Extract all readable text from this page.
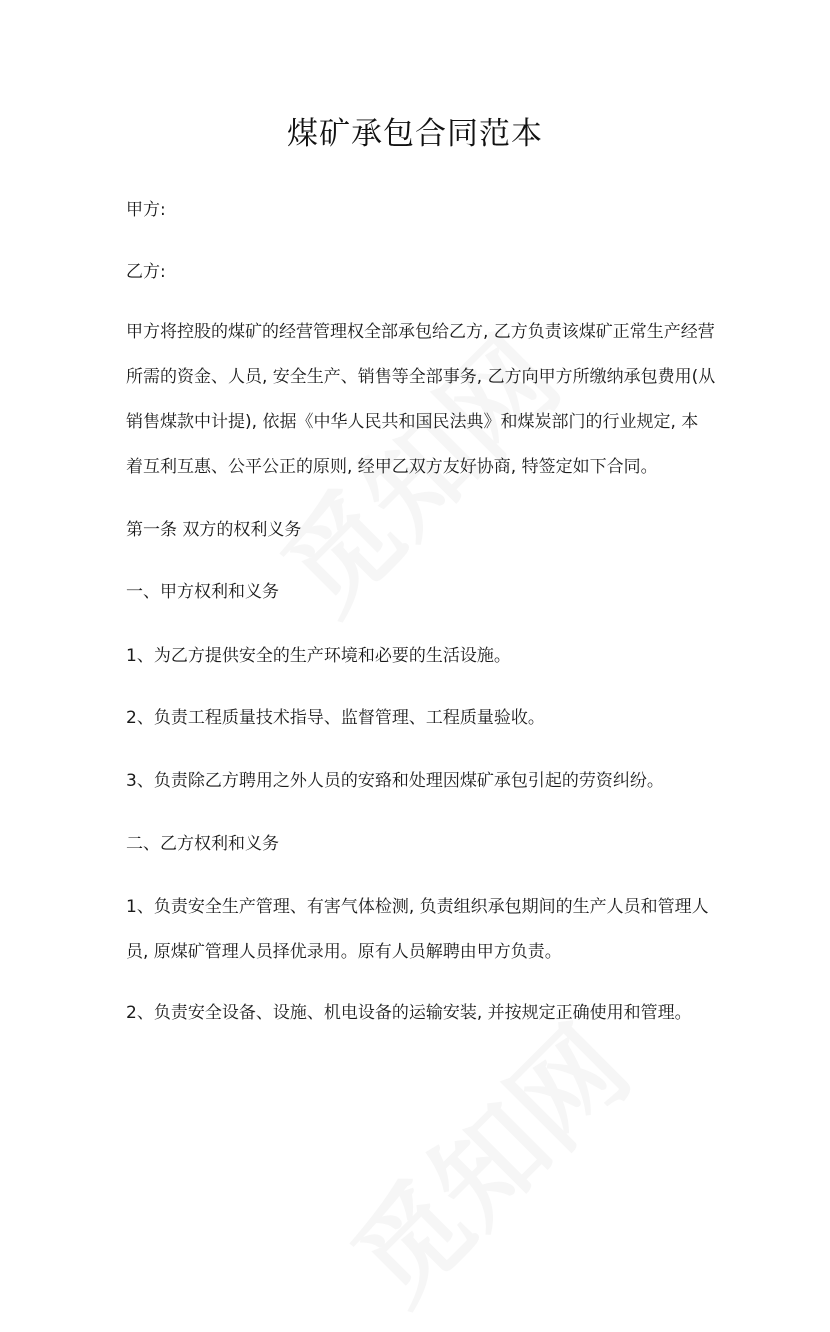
煤矿承包合同范本
甲方:
乙方:
甲方将控股的煤矿的经营管理权全部承包给乙方, 乙方负责该煤矿正常生产经营
所需的资金、人员, 安全生产、销售等全部事务, 乙方向甲方所缴纳承包费用(从
销售煤款中计提), 依据《中华人民共和国民法典》和煤炭部门的行业规定, 本
着互利互惠、公平公正的原则, 经甲乙双方友好协商, 特签定如下合同。
第一条 双方的权利义务
一、甲方权利和义务
1、为乙方提供安全的生产环境和必要的生活设施。
2、负责工程质量技术指导、监督管理、工程质量验收。
3、负责除乙方聘用之外人员的安臵和处理因煤矿承包引起的劳资纠纷。
二、乙方权利和义务
1、负责安全生产管理、有害气体检测, 负责组织承包期间的生产人员和管理人
员, 原煤矿管理人员择优录用。原有人员解聘由甲方负责。
2、负责安全设备、设施、机电设备的运输安装, 并按规定正确使用和管理。
